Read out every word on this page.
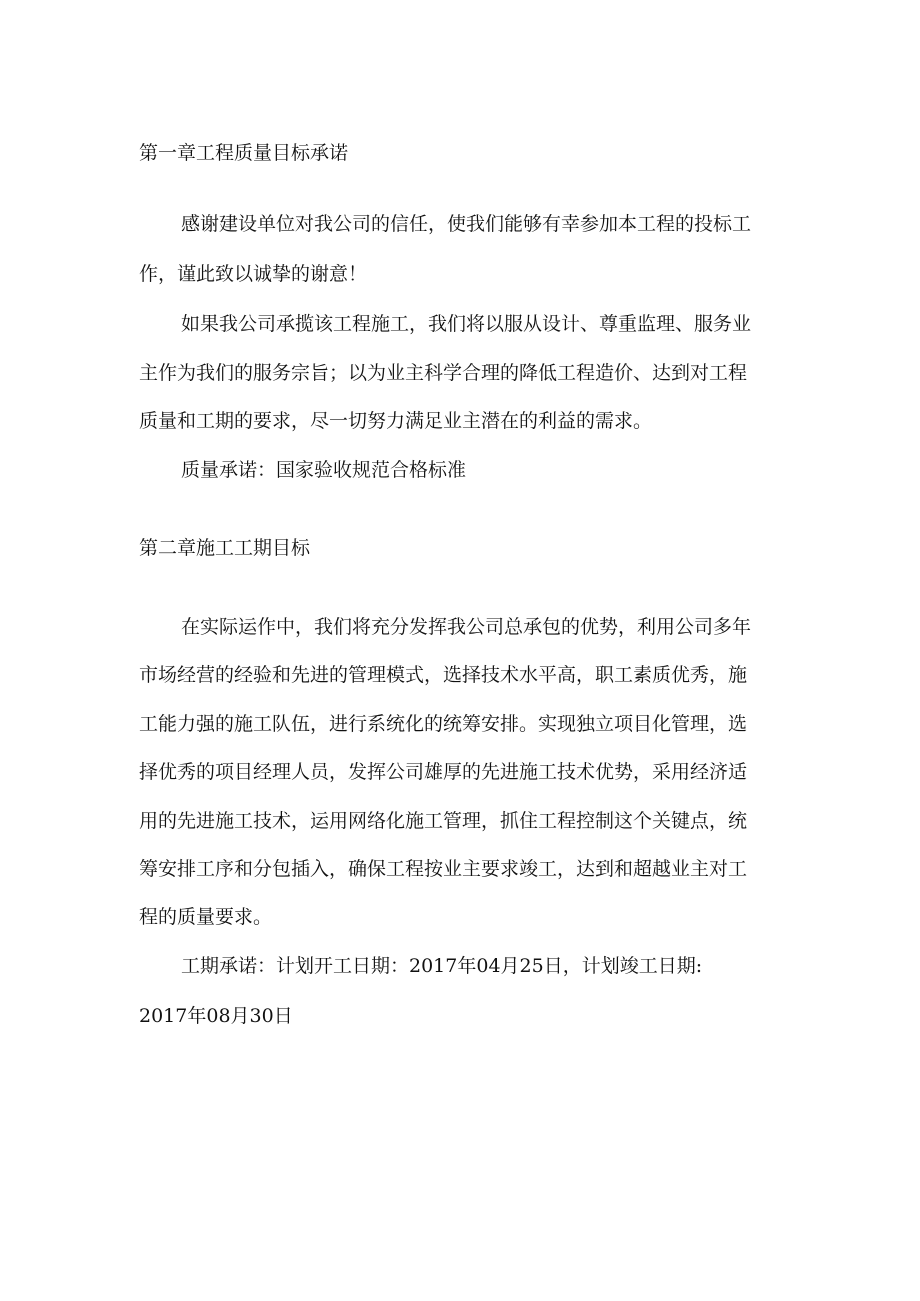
第一章工程质量目标承诺

感谢建设单位对我公司的信任，使我们能够有幸参加本工程的投标工

作，谨此致以诚挚的谢意！

如果我公司承揽该工程施工，我们将以服从设计、尊重监理、服务业

主作为我们的服务宗旨；以为业主科学合理的降低工程造价、达到对工程

质量和工期的要求，尽一切努力满足业主潜在的利益的需求。

质量承诺：国家验收规范合格标准

第二章施工工期目标

在实际运作中，我们将充分发挥我公司总承包的优势，利用公司多年

市场经营的经验和先进的管理模式，选择技术水平高，职工素质优秀，施

工能力强的施工队伍，进行系统化的统筹安排。实现独立项目化管理，选

择优秀的项目经理人员，发挥公司雄厚的先进施工技术优势，采用经济适

用的先进施工技术，运用网络化施工管理，抓住工程控制这个关键点，统

筹安排工序和分包插入，确保工程按业主要求竣工，达到和超越业主对工

程的质量要求。

工期承诺：计划开工日期：2017年04月25日，计划竣工日期:

2017年08月30日
